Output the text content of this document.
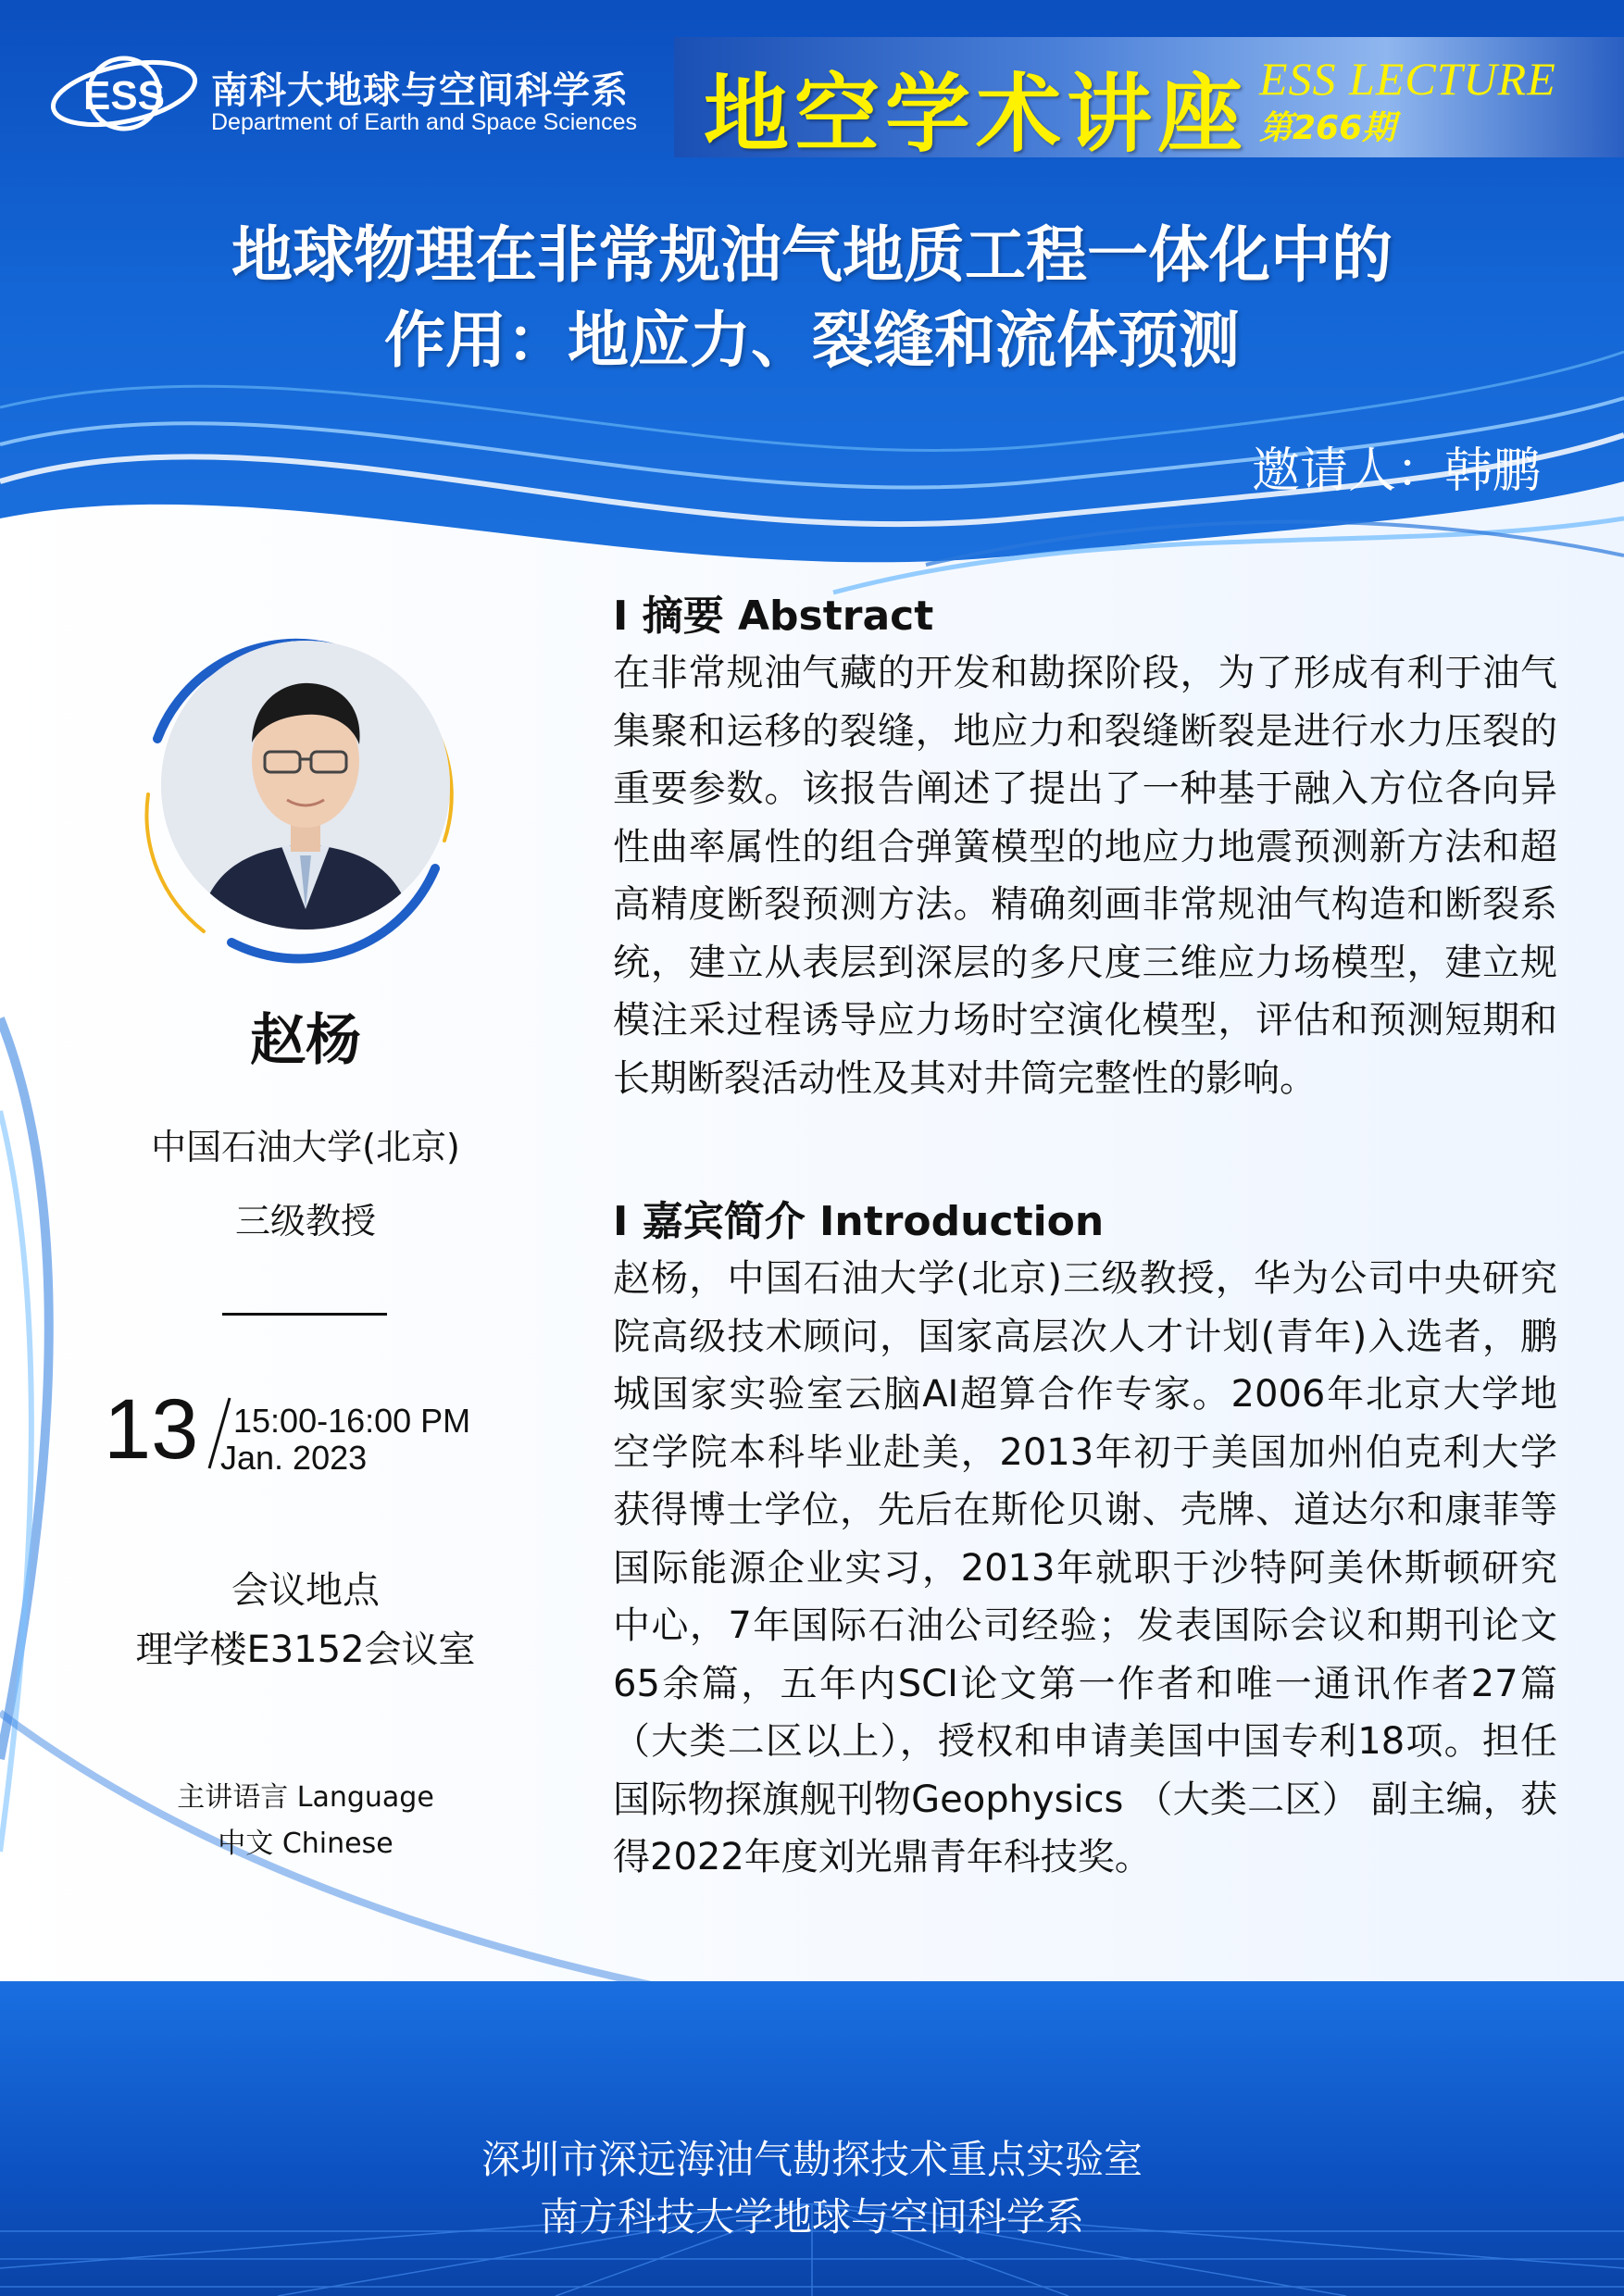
ESS 南科大地球与空间科学系
Department of Earth and Space Sciences 地空学术讲座 ESS LECTURE
第266期
地球物理在非常规油气地质工程一体化中的
作用：地应力、裂缝和流体预测
邀请人：韩鹏
赵杨
中国石油大学(北京)
三级教授
13 15:00-16:00 PM
Jan. 2023
会议地点
理学楼E3152会议室
主讲语言 Language
中文 Chinese
I 摘要 Abstract
在非常规油气藏的开发和勘探阶段，为了形成有利于油气集聚和运移的裂缝，地应力和裂缝断裂是进行水力压裂的重要参数。该报告阐述了提出了一种基于融入方位各向异性曲率属性的组合弹簧模型的地应力地震预测新方法和超高精度断裂预测方法。精确刻画非常规油气构造和断裂系统，建立从表层到深层的多尺度三维应力场模型，建立规模注采过程诱导应力场时空演化模型，评估和预测短期和长期断裂活动性及其对井筒完整性的影响。
I 嘉宾简介 Introduction
赵杨，中国石油大学(北京)三级教授，华为公司中央研究院高级技术顾问，国家高层次人才计划(青年)入选者，鹏城国家实验室云脑AI超算合作专家。2006年北京大学地空学院本科毕业赴美，2013年初于美国加州伯克利大学获得博士学位，先后在斯伦贝谢、壳牌、道达尔和康菲等国际能源企业实习，2013年就职于沙特阿美休斯顿研究中心，7年国际石油公司经验；发表国际会议和期刊论文65余篇，五年内SCI论文第一作者和唯一通讯作者27篇（大类二区以上），授权和申请美国中国专利18项。担任国际物探旗舰刊物Geophysics （大类二区） 副主编，获得2022年度刘光鼎青年科技奖。
深圳市深远海油气勘探技术重点实验室
南方科技大学地球与空间科学系
